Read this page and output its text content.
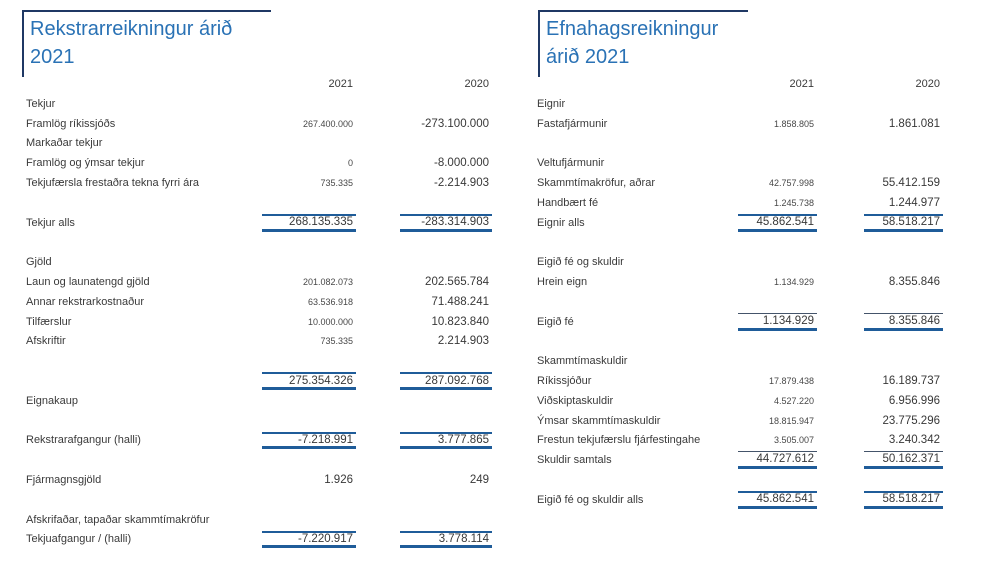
Rekstrarreikningur árið
2021
Efnahagsreikningur
árið 2021
2021	2020
Tekjur
Framlög ríkissjóðs	267.400.000	-273.100.000
Markaðar tekjur
Framlög og ýmsar tekjur	0	-8.000.000
Tekjufærsla frestaðra tekna fyrri ára	735.335	-2.214.903
Tekjur alls	268.135.335	-283.314.903
Gjöld
Laun og launatengd gjöld	201.082.073	202.565.784
Annar rekstrarkostnaður	63.536.918	71.488.241
Tilfærslur	10.000.000	10.823.840
Afskriftir	735.335	2.214.903
275.354.326	287.092.768
Eignakaup
Rekstrarafgangur (halli)	-7.218.991	3.777.865
Fjármagnsgjöld	1.926	249
Afskrifaðar, tapaðar skammtímakröfur
Tekjuafgangur / (halli)	-7.220.917	3.778.114
2021	2020
Eignir
Fastafjármunir	1.858.805	1.861.081
Veltufjármunir
Skammtímakröfur, aðrar	42.757.998	55.412.159
Handbært fé	1.245.738	1.244.977
Eignir alls	45.862.541	58.518.217
Eigið fé og skuldir
Hrein eign	1.134.929	8.355.846
Eigið fé	1.134.929	8.355.846
Skammtímaskuldir
Ríkissjóður	17.879.438	16.189.737
Viðskiptaskuldir	4.527.220	6.956.996
Ýmsar skammtímaskuldir	18.815.947	23.775.296
Frestun tekjufærslu fjárfestingahe	3.505.007	3.240.342
Skuldir samtals	44.727.612	50.162.371
Eigið fé og skuldir alls	45.862.541	58.518.217
